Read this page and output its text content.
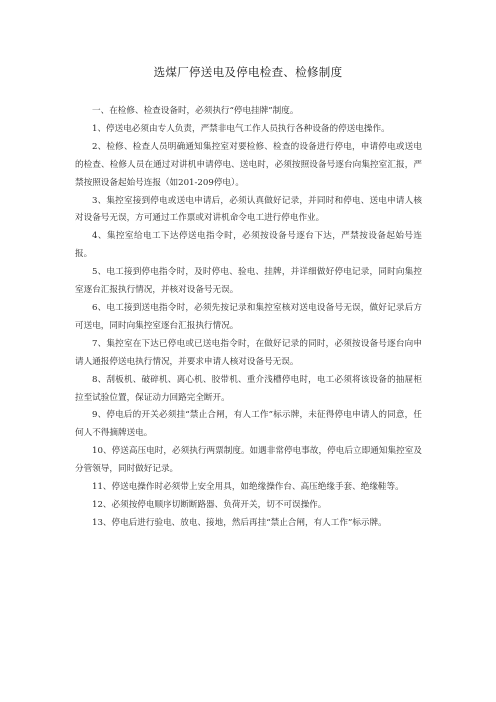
选煤厂停送电及停电检查、检修制度

一、在检修、检查设备时，必须执行“停电挂牌”制度。

1、停送电必须由专人负责，严禁非电气工作人员执行各种设备的停送电操作。

2、检修、检查人员明确通知集控室对要检修、检查的设备进行停电，申请停电或送电的检查、检修人员在通过对讲机申请停电、送电时，必须按照设备号逐台向集控室汇报，严禁按照设备起始号连报（如201-209停电）。

3、集控室接到停电或送电申请后，必须认真做好记录，并同时和停电、送电申请人核对设备号无误，方可通过工作票或对讲机命令电工进行停电作业。

4、集控室给电工下达停送电指令时，必须按设备号逐台下达，严禁按设备起始号连报。

5、电工接到停电指令时，及时停电、验电、挂牌，并详细做好停电记录，同时向集控室逐台汇报执行情况，并核对设备号无误。

6、电工接到送电指令时，必须先按记录和集控室核对送电设备号无误，做好记录后方可送电，同时向集控室逐台汇报执行情况。

7、集控室在下达已停电或已送电指令时，在做好记录的同时，必须按设备号逐台向申请人通报停送电执行情况，并要求申请人核对设备号无误。

8、刮板机、破碎机、离心机、胶带机、重介浅槽停电时，电工必须将该设备的抽屉柜拉至试验位置，保证动力回路完全断开。

9、停电后的开关必须挂“禁止合闸，有人工作”标示牌，未征得停电申请人的同意，任何人不得摘牌送电。

10、停送高压电时，必须执行两票制度。如遇非常停电事故，停电后立即通知集控室及分管领导，同时做好记录。

11、停送电操作时必须带上安全用具，如绝缘操作台、高压绝缘手套、绝缘鞋等。

12、必须按停电顺序切断断路器、负荷开关，切不可误操作。

13、停电后进行验电、放电、接地，然后再挂“禁止合闸，有人工作”标示牌。
